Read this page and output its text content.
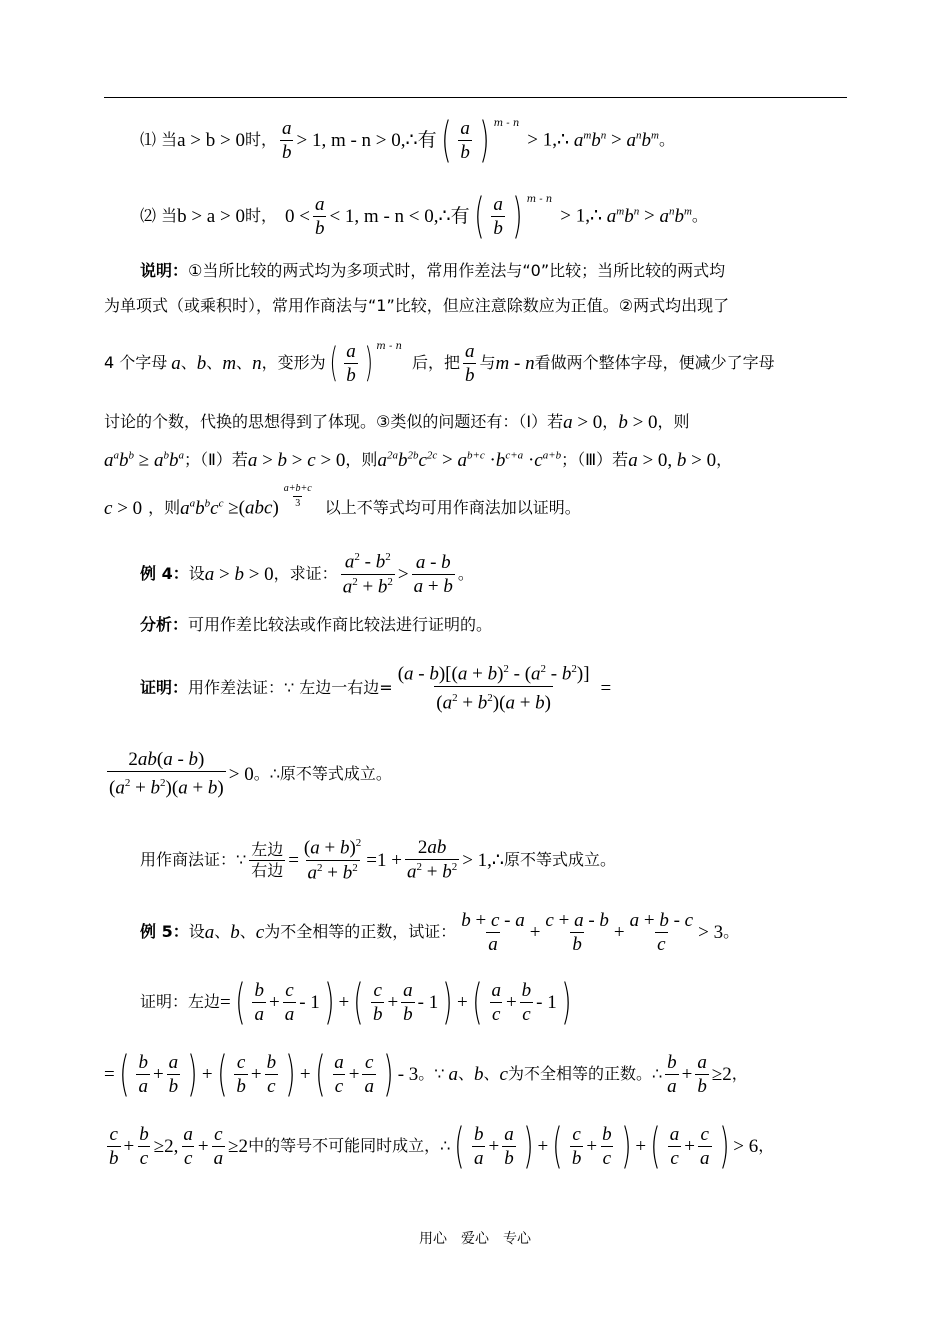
⑴ 当 a > b > 0 时， $\frac{a}{b} > 1$, m - n > 0,∴有 ( $\frac{a}{b}$ ) m - n
> 1,∴ $a^mb^n > a^nb^m$ 。
⑵ 当 b > a > 0 时， $0 < \frac{a}{b} < 1$, m - n < 0,∴有 ( $\frac{a}{b}$ ) m - n
> 1,∴ $a^mb^n > a^nb^m$ 。
说明：①当所比较的两式均为多项式时，常用作差法与“0”比较；当所比较的两式均
为单项式（或乘积时），常用作商法与“1”比较，但应注意除数应为正值。②两式均出现了
4 个字母 a 、 b 、 m 、 n ，变形为 ( $\frac{a}{b}$ ) m - n
后，把 $\frac{a}{b}$ 与 m - n 看做两个整体字母，便减少了字母
讨论的个数，代换的思想得到了体现。③类似的问题还有：（Ⅰ）若 a > 0 ， b > 0 ，则
$a^ab^b \ge a^bb^a$ ；（Ⅱ）若 a > b > c > 0 ，则 $a^{2a}b^{2b}c^{2c} > a^{b+c} \cdot b^{c+a} \cdot c^{a+b}$ ；（Ⅲ）若 a > 0, b > 0 ，
c > 0 ，则 $a^ab^bc^c \ge(abc) \frac{a+b+c}{3}$ 以上不等式均可用作商法加以证明。
例 4： 设 a > b > 0 ，求证： $\frac{a^2 - b^2}{a^2 + b^2} > \frac{a - b}{a + b}$ 。
分析：可用作差比较法或作商比较法进行证明的。
证明： 用作差法证：∵ 左边一右边= $\frac{(a - b)[(a + b)^2 - (a^2 - b^2)]}{(a^2 + b^2)(a + b)}$ =
$\frac{2ab(a - b)}{(a^2 + b^2)(a + b)} > 0$ 。∴原不等式成立。
用作商法证：∵ $\frac{\text{左边}}{\text{右边}} = \frac{(a + b)^2}{a^2 + b^2} =1 + \frac{2ab}{a^2 + b^2}$ > 1,∴ 原不等式成立。
例 5： 设 a 、 b 、 c 为不全相等的正数，试证： $\frac{b + c - a}{a} + \frac{c + a - b}{b} + \frac{a + b - c}{c} > 3$ 。
证明：左边 = ( $\frac{b}{a} + \frac{c}{a} - 1$ ) + ( $\frac{c}{b} + \frac{a}{b} - 1$ ) + ( $\frac{a}{c} + \frac{b}{c} - 1$ )
= ( $\frac{b}{a} + \frac{a}{b}$ ) + ( $\frac{c}{b} + \frac{b}{c}$ ) + ( $\frac{a}{c} + \frac{c}{a}$ ) - 3 。∵ a 、 b 、 c 为不全相等的正数。∴ $\frac{b}{a} + \frac{a}{b} \ge 2$ ，
$\frac{c}{b} + \frac{b}{c} \ge 2$, $\frac{a}{c} + \frac{c}{a} \ge 2$ 中的等号不可能同时成立，∴ ( $\frac{b}{a} + \frac{a}{b}$ ) + ( $\frac{c}{b} + \frac{b}{c}$ ) + ( $\frac{a}{c} + \frac{c}{a}$ ) > 6 ，
用心　爱心　专心
